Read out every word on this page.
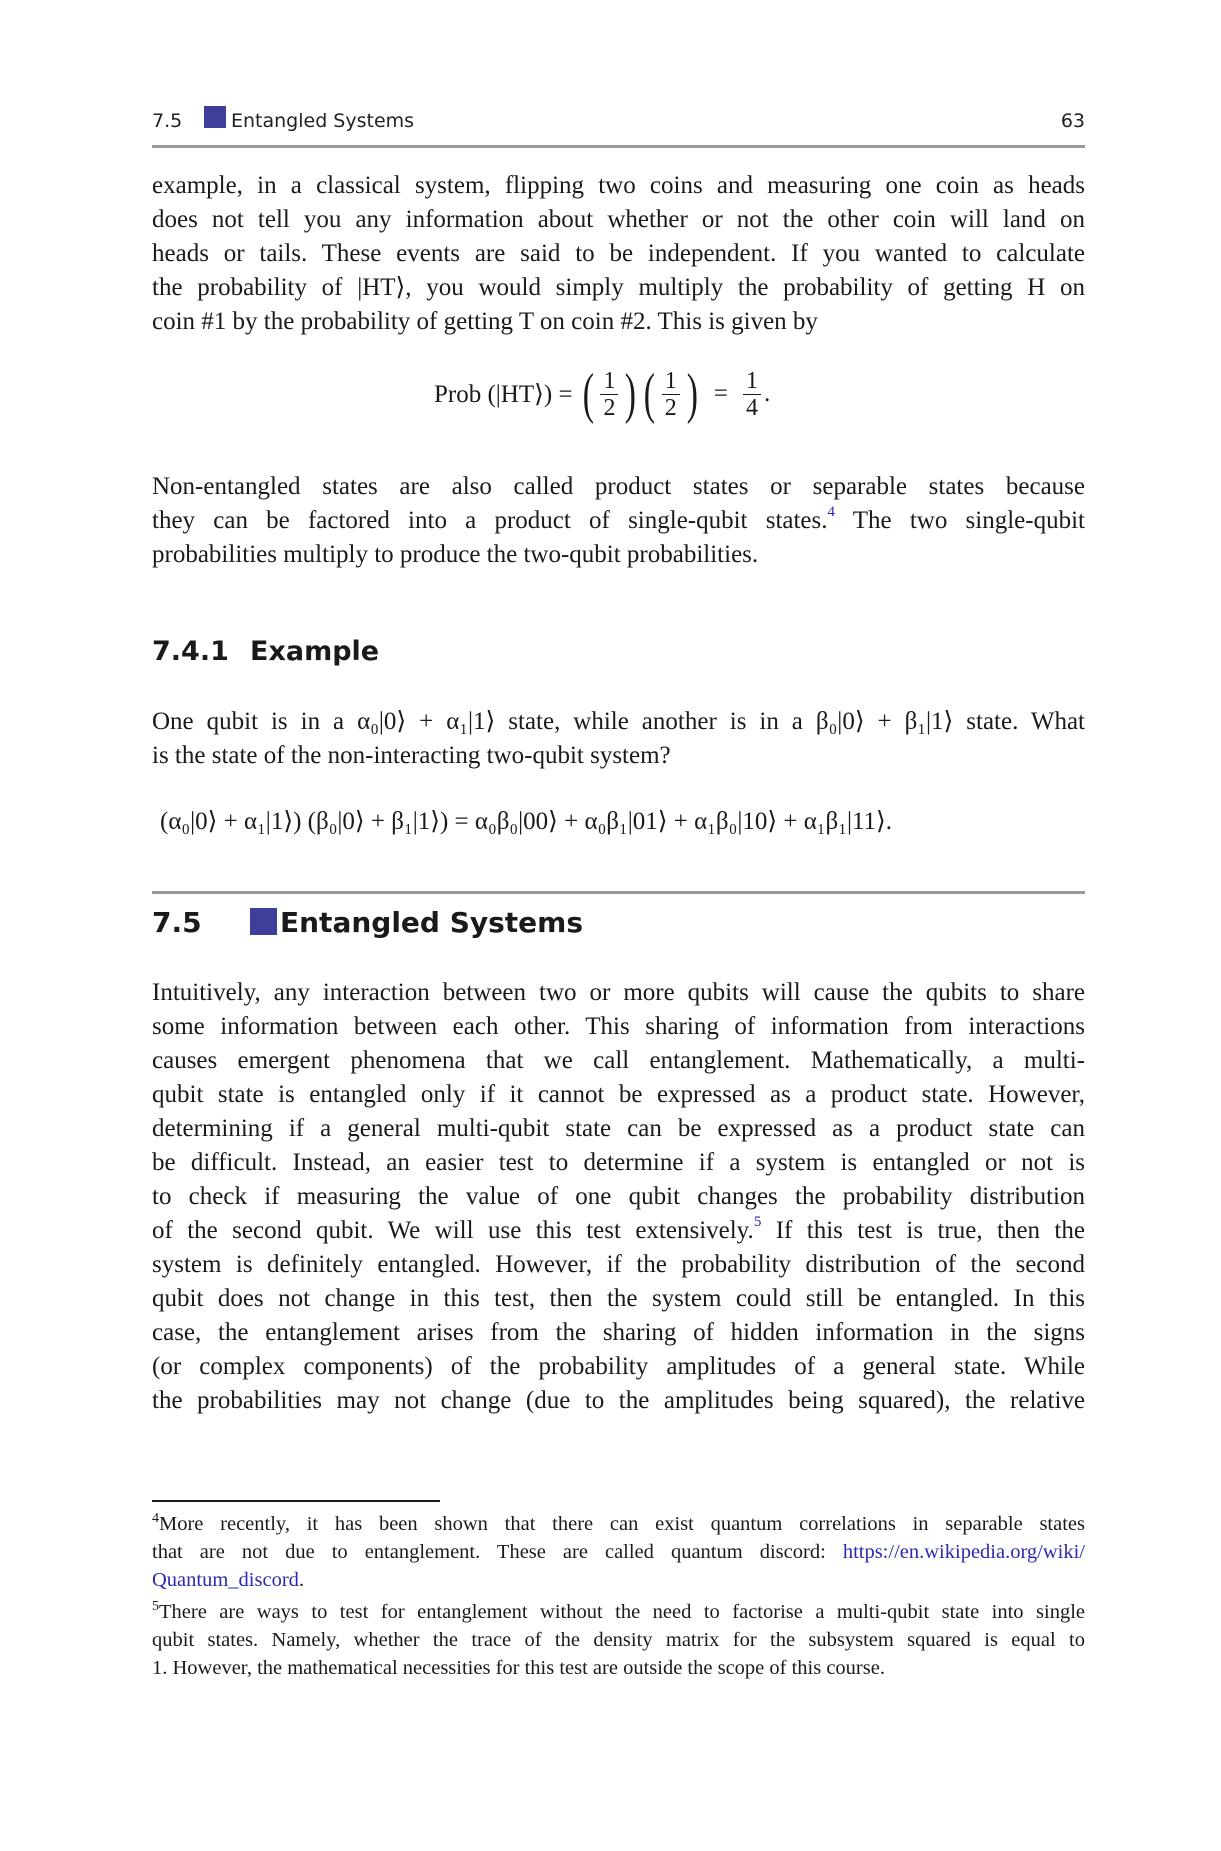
7.5	Entangled Systems	63
example, in a classical system, flipping two coins and measuring one coin as heads
does not tell you any information about whether or not the other coin will land on
heads or tails. These events are said to be independent. If you wanted to calculate
the probability of |HT⟩, you would simply multiply the probability of getting H on
coin #1 by the probability of getting T on coin #2. This is given by
Prob (|HT⟩) = ( $\frac{1}{2}$ ) ( $\frac{1}{2}$ ) = $\frac{1}{4}$ .
Non-entangled states are also called product states or separable states because
they can be factored into a product of single-qubit states.$^4$ The two single-qubit
probabilities multiply to produce the two-qubit probabilities.
7.4.1 Example
One qubit is in a α₀|0⟩ + α₁|1⟩ state, while another is in a β₀|0⟩ + β₁|1⟩ state. What
is the state of the non-interacting two-qubit system?
(α₀|0⟩ + α₁|1⟩) (β₀|0⟩ + β₁|1⟩) = α₀β₀|00⟩ + α₀β₁|01⟩ + α₁β₀|10⟩ + α₁β₁|11⟩.
7.5	Entangled Systems
Intuitively, any interaction between two or more qubits will cause the qubits to share
some information between each other. This sharing of information from interactions
causes emergent phenomena that we call entanglement. Mathematically, a multi-
qubit state is entangled only if it cannot be expressed as a product state. However,
determining if a general multi-qubit state can be expressed as a product state can
be difficult. Instead, an easier test to determine if a system is entangled or not is
to check if measuring the value of one qubit changes the probability distribution
of the second qubit. We will use this test extensively.$^5$ If this test is true, then the
system is definitely entangled. However, if the probability distribution of the second
qubit does not change in this test, then the system could still be entangled. In this
case, the entanglement arises from the sharing of hidden information in the signs
(or complex components) of the probability amplitudes of a general state. While
the probabilities may not change (due to the amplitudes being squared), the relative
$^4$More recently, it has been shown that there can exist quantum correlations in separable states
that are not due to entanglement. These are called quantum discord: https://en.wikipedia.org/wiki/
Quantum_discord.
$^5$There are ways to test for entanglement without the need to factorise a multi-qubit state into single
qubit states. Namely, whether the trace of the density matrix for the subsystem squared is equal to
1. However, the mathematical necessities for this test are outside the scope of this course.
